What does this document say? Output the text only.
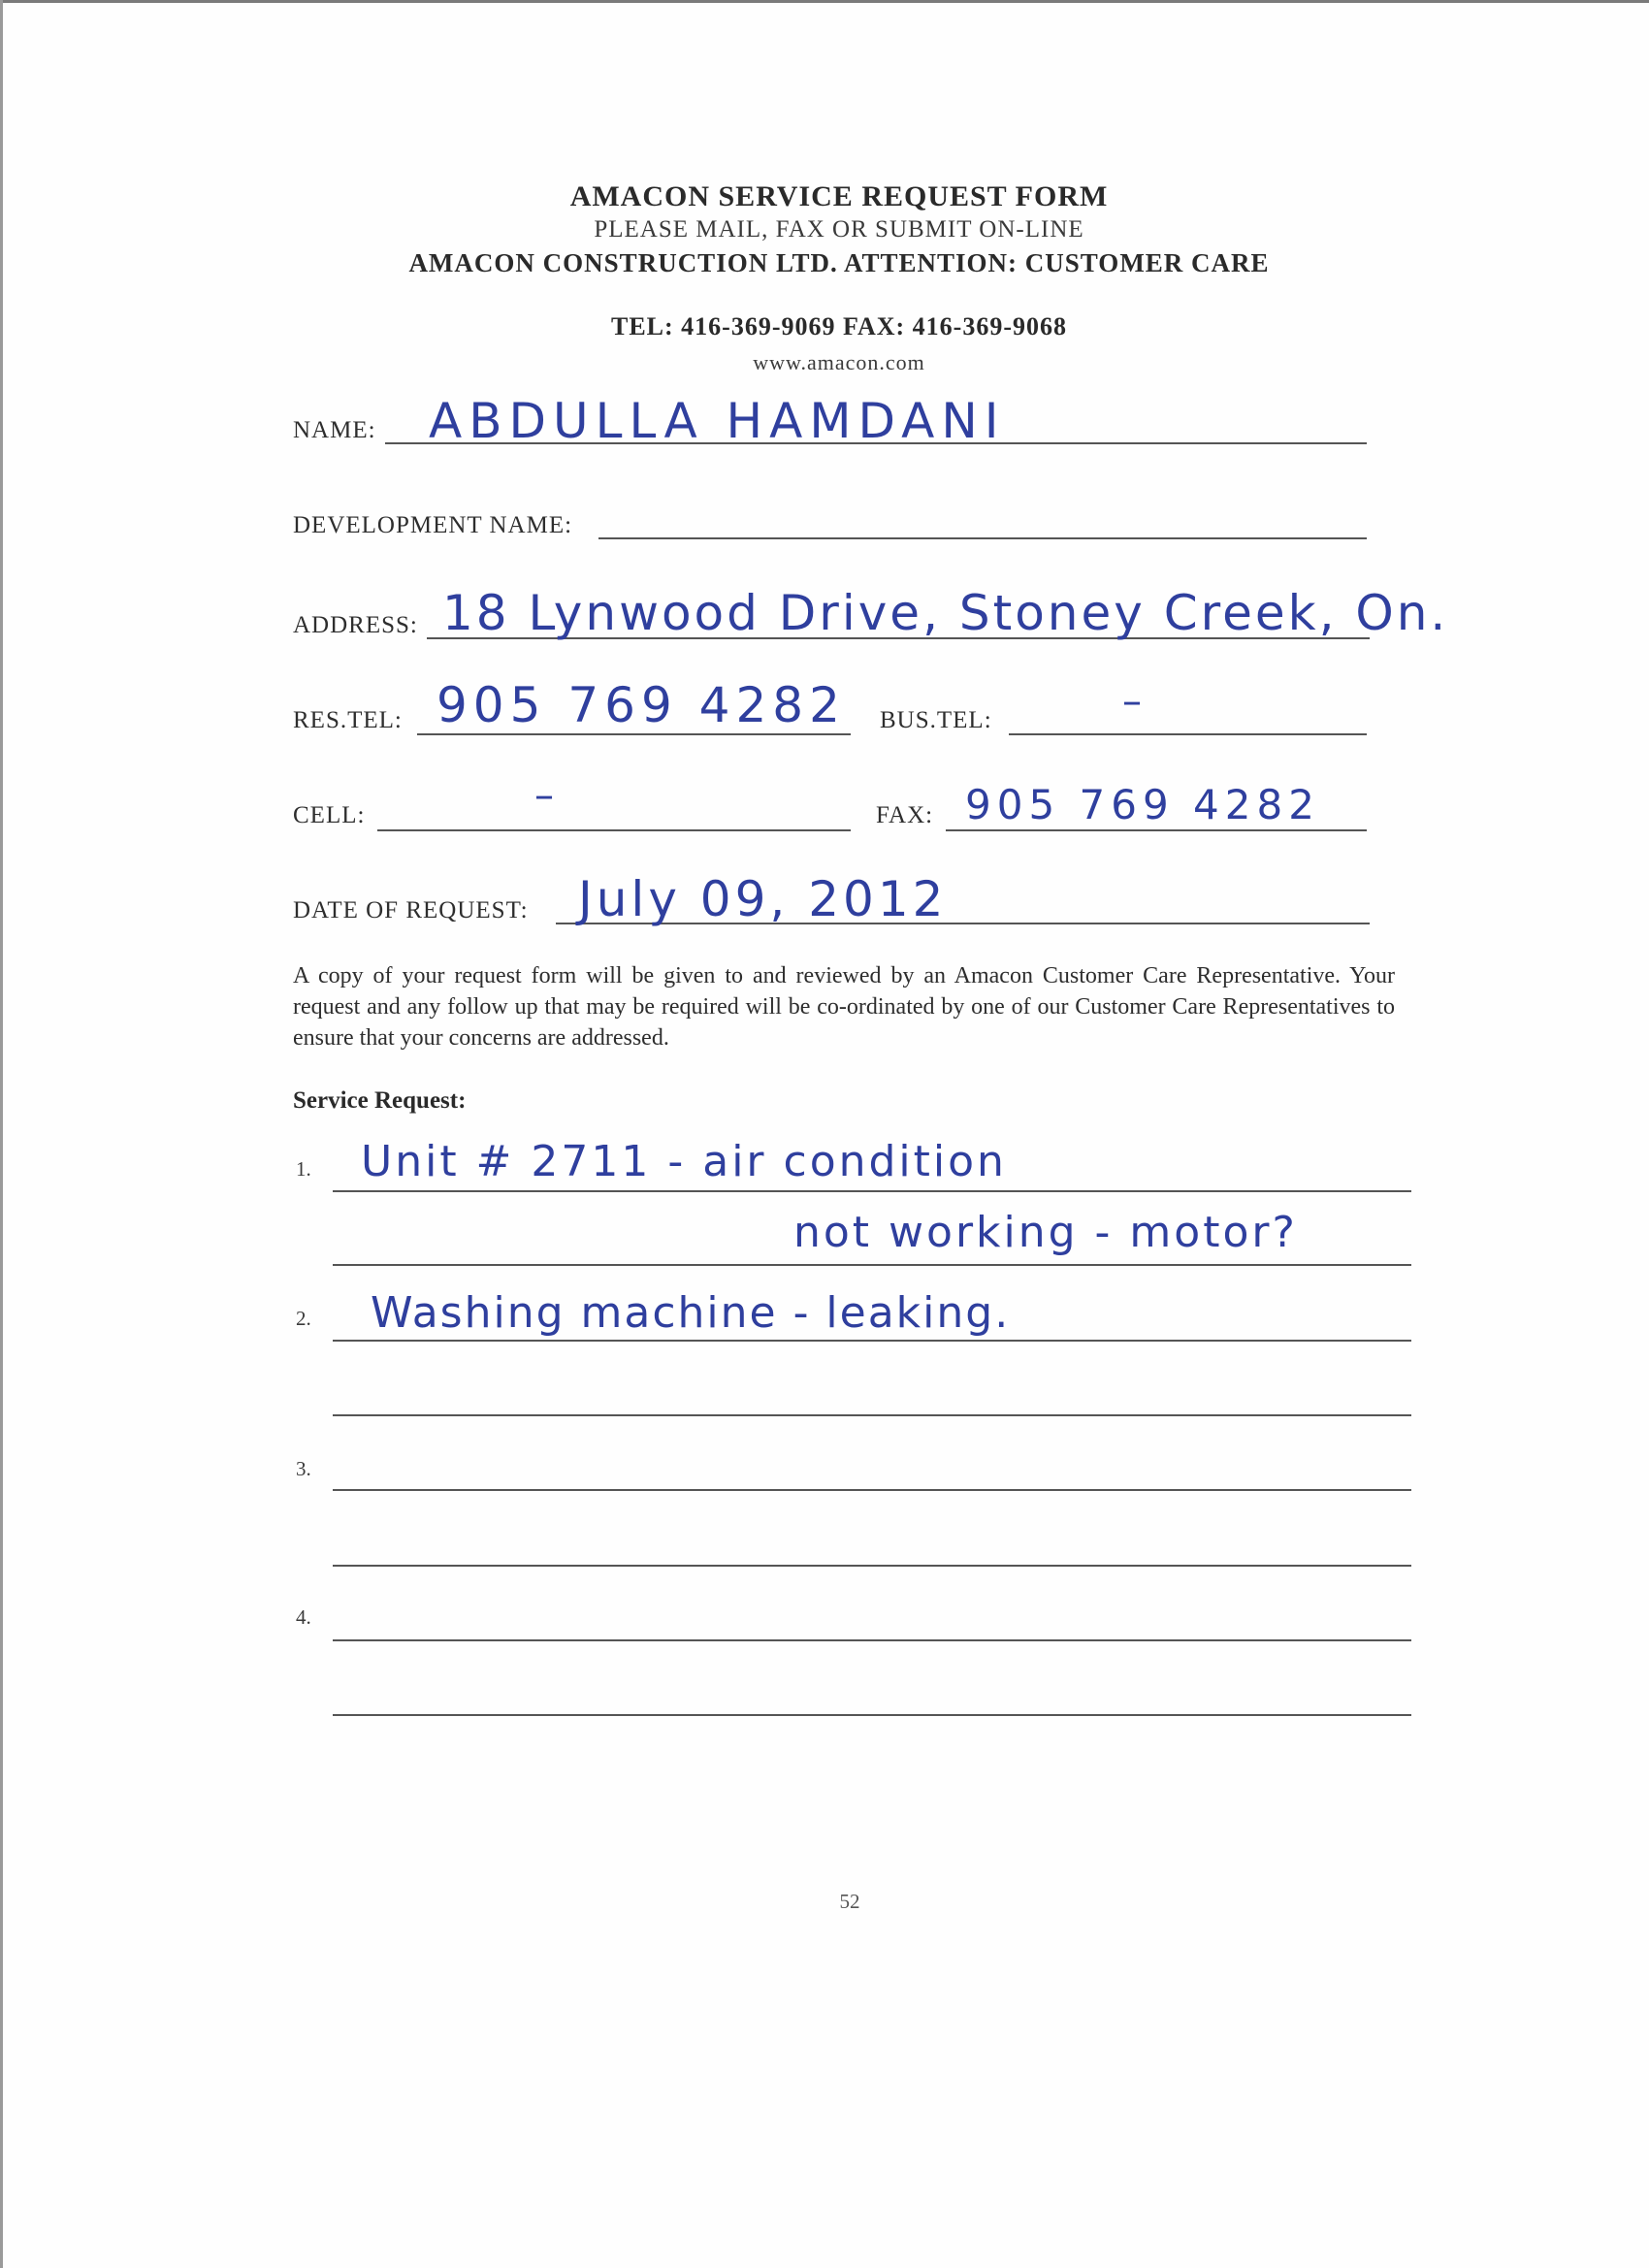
AMACON SERVICE REQUEST FORM
PLEASE MAIL, FAX OR SUBMIT ON-LINE
AMACON CONSTRUCTION LTD. ATTENTION: CUSTOMER CARE
TEL: 416-369-9069 FAX: 416-369-9068
www.amacon.com
NAME: ABDULLA HAMDANI
DEVELOPMENT NAME:
ADDRESS: 18 Lynwood Drive, Stoney Creek, On.
RES.TEL: 905 769 4282 BUS.TEL:	–
CELL:	–	FAX: 905 769 4282
DATE OF REQUEST: July 09, 2012
A copy of your request form will be given to and reviewed by an Amacon Customer Care Representative. Your request and any follow up that may be required will be co-ordinated by one of our Customer Care Representatives to ensure that your concerns are addressed.
Service Request:
1. Unit # 2711 - air condition
not working - motor?
2. Washing machine - leaking.
3.
4.
52
